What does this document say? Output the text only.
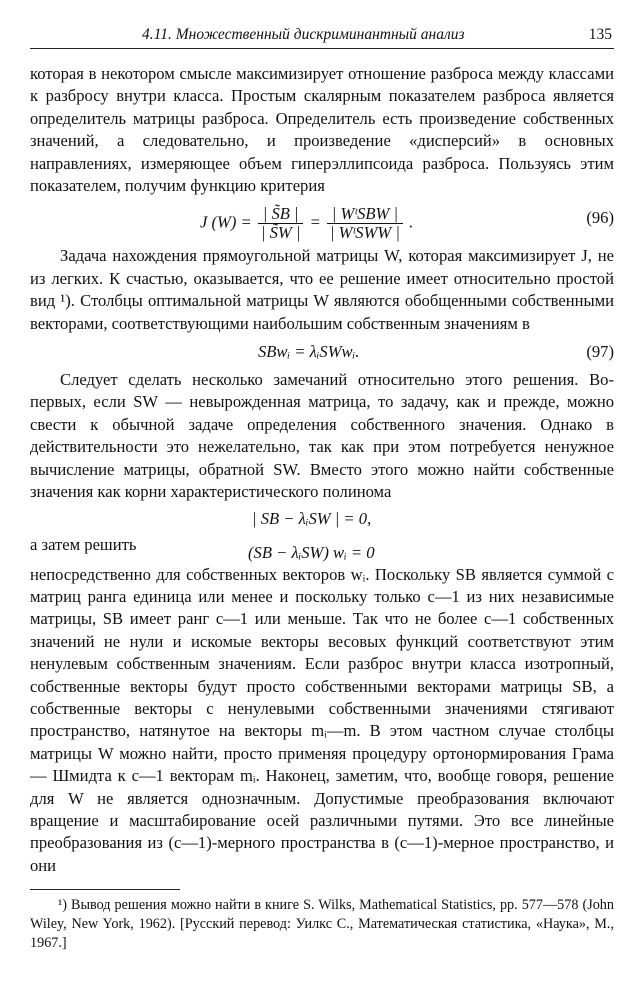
4.11. Множественный дискриминантный анализ	135

которая в некотором смысле максимизирует отношение разброса между классами к разбросу внутри класса. Простым скалярным показателем разброса является определитель матрицы разброса. Определитель есть произведение собственных значений, а следовательно, и произведение «дисперсий» в основных направлениях, измеряющее объем гиперэллипсоида разброса. Пользуясь этим показателем, получим функцию критерия

J $(W) = \frac{| S̃B |}{| S̃W |} = \frac{\text{| WᵗSBW |}}{\text{| WᵗSWW |}}$ .	(96)

Задача нахождения прямоугольной матрицы W, которая максимизирует J, не из легких. К счастью, оказывается, что ее решение имеет относительно простой вид ¹). Столбцы оптимальной матрицы W являются обобщенными собственными векторами, соответствующими наибольшим собственным значениям в

SBwᵢ = λᵢSWwᵢ.	(97)

Следует сделать несколько замечаний относительно этого решения. Во-первых, если SW — невырожденная матрица, то задачу, как и прежде, можно свести к обычной задаче определения собственного значения. Однако в действительности это нежелательно, так как при этом потребуется ненужное вычисление матрицы, обратной SW. Вместо этого можно найти собственные значения как корни характеристического полинома

| SB − λᵢSW | = 0,
а затем решить	(SB − λᵢSW) wᵢ = 0

непосредственно для собственных векторов wᵢ. Поскольку SB является суммой c матриц ранга единица или менее и поскольку только c—1 из них независимые матрицы, SB имеет ранг c—1 или меньше. Так что не более c—1 собственных значений не нули и искомые векторы весовых функций соответствуют этим ненулевым собственным значениям. Если разброс внутри класса изотропный, собственные векторы будут просто собственными векторами матрицы SB, а собственные векторы с ненулевыми собственными значениями стягивают пространство, натянутое на векторы mᵢ—m. В этом частном случае столбцы матрицы W можно найти, просто применяя процедуру ортонормирования Грама — Шмидта к c—1 векторам mᵢ. Наконец, заметим, что, вообще говоря, решение для W не является однозначным. Допустимые преобразования включают вращение и масштабирование осей различными путями. Это все линейные преобразования из (c—1)-мерного пространства в (c—1)-мерное пространство, и они

¹) Вывод решения можно найти в книге S. Wilks, Mathematical Statistics, pp. 577—578 (John Wiley, New York, 1962). [Русский перевод: Уилкс С., Математическая статистика, «Наука», М., 1967.]
